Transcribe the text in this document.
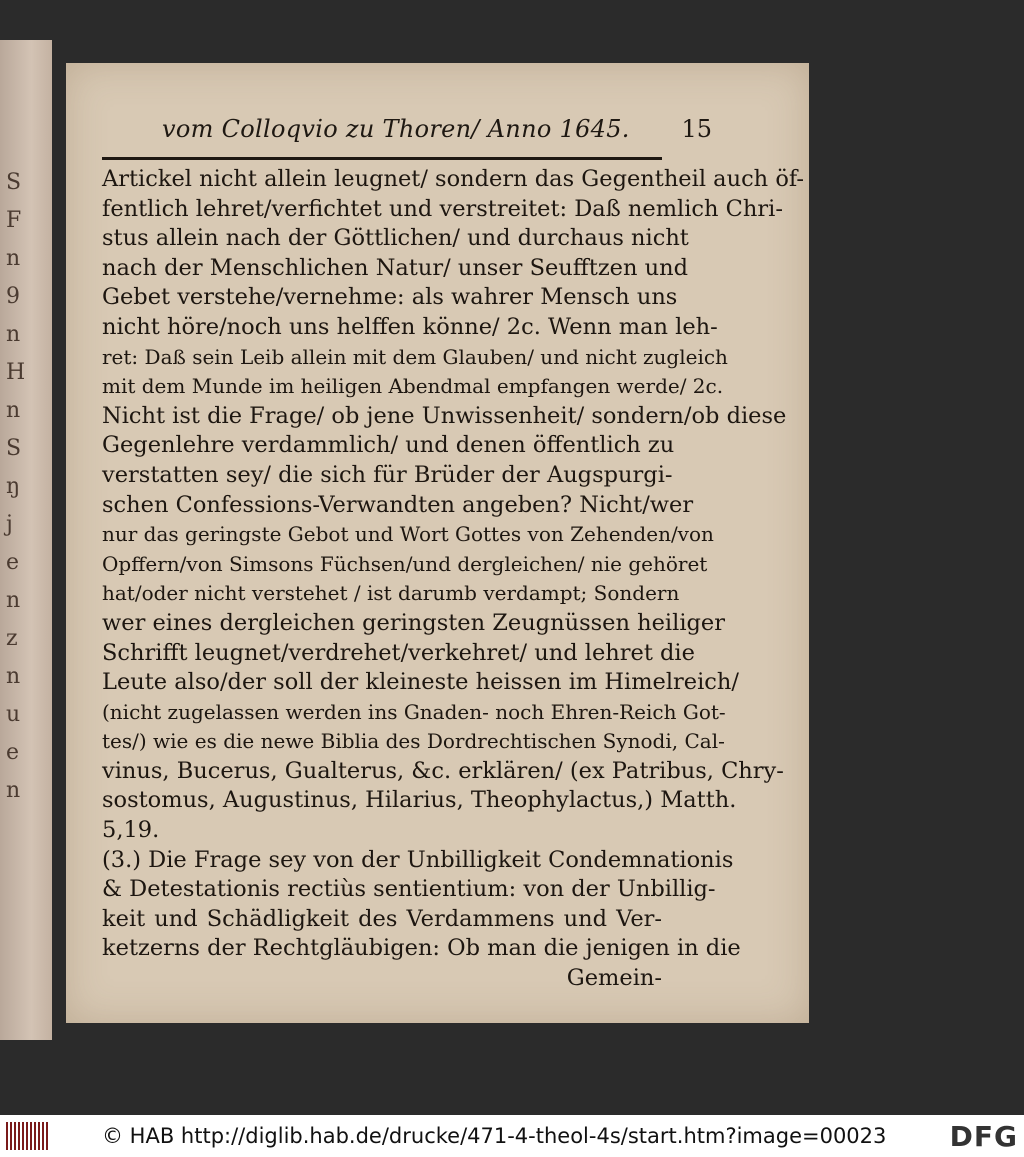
S
F
n
9
n
H
n
S
ŋ
j
e
n
z
n
u
e
n
vom Colloqvio zu Thoren/ Anno 1645. 15
Artickel nicht allein leugnet/ sondern das Gegentheil auch öf-
fentlich lehret/verfichtet und verstreitet: Daß nemlich Chri-
stus allein nach der Göttlichen/ und durchaus nicht
nach der Menschlichen Natur/ unser Seufftzen und
Gebet verstehe/vernehme: als wahrer Mensch uns
nicht höre/noch uns helffen könne/ 2c. Wenn man leh-
ret: Daß sein Leib allein mit dem Glauben/ und nicht zugleich
mit dem Munde im heiligen Abendmal empfangen werde/ 2c.
Nicht ist die Frage/ ob jene Unwissenheit/ sondern/ob diese
Gegenlehre verdammlich/ und denen öffentlich zu
verstatten sey/ die sich für Brüder der Augspurgi-
schen Confessions-Verwandten angeben? Nicht/wer
nur das geringste Gebot und Wort Gottes von Zehenden/von
Opffern/von Simsons Füchsen/und dergleichen/ nie gehöret
hat/oder nicht verstehet / ist darumb verdampt; Sondern
wer eines dergleichen geringsten Zeugnüssen heiliger
Schrifft leugnet/verdrehet/verkehret/ und lehret die
Leute also/der soll der kleineste heissen im Himelreich/
(nicht zugelassen werden ins Gnaden- noch Ehren-Reich Got-
tes/) wie es die newe Biblia des Dordrechtischen Synodi, Cal-
vinus, Bucerus, Gualterus, &c. erklären/ (ex Patribus, Chry-
sostomus, Augustinus, Hilarius, Theophylactus,) Matth.
5,19.
(3.) Die Frage sey von der Unbilligkeit Condemnationis
& Detestationis rectiùs sentientium: von der Unbillig-
keit und Schädligkeit des Verdammens und Ver-
ketzerns der Rechtgläubigen: Ob man die jenigen in die
Gemein-
© HAB http://diglib.hab.de/drucke/471-4-theol-4s/start.htm?image=00023 DFG
